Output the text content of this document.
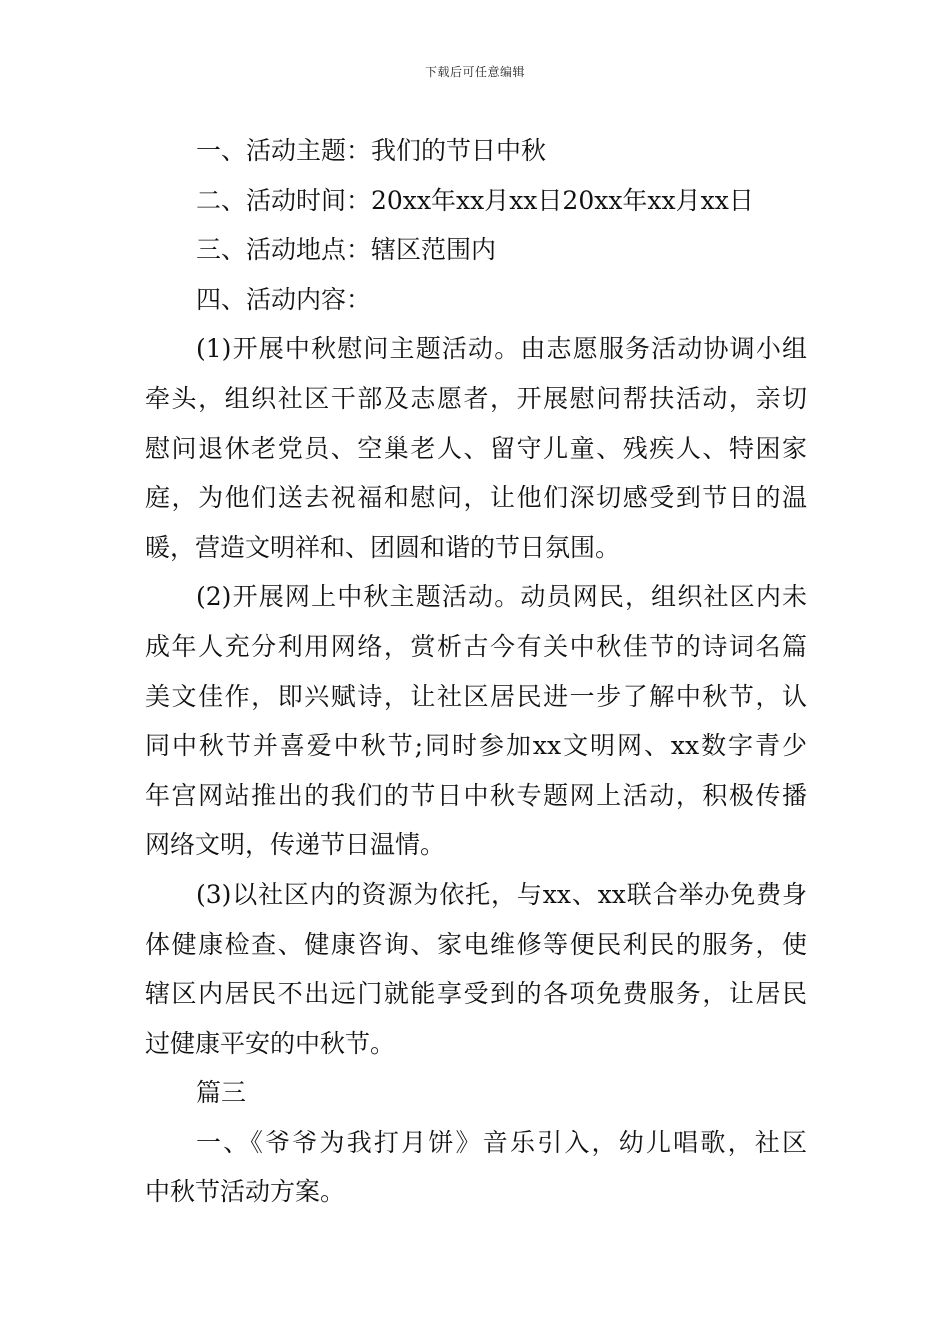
下载后可任意编辑
一、活动主题：我们的节日中秋
二、活动时间：20xx年xx月xx日20xx年xx月xx日
三、活动地点：辖区范围内
四、活动内容：
(1)开展中秋慰问主题活动。由志愿服务活动协调小组
牵头，组织社区干部及志愿者，开展慰问帮扶活动，亲切
慰问退休老党员、空巢老人、留守儿童、残疾人、特困家
庭，为他们送去祝福和慰问，让他们深切感受到节日的温
暖，营造文明祥和、团圆和谐的节日氛围。
(2)开展网上中秋主题活动。动员网民，组织社区内未
成年人充分利用网络，赏析古今有关中秋佳节的诗词名篇
美文佳作，即兴赋诗，让社区居民进一步了解中秋节，认
同中秋节并喜爱中秋节;同时参加xx文明网、xx数字青少
年宫网站推出的我们的节日中秋专题网上活动，积极传播
网络文明，传递节日温情。
(3)以社区内的资源为依托，与xx、xx联合举办免费身
体健康检查、健康咨询、家电维修等便民利民的服务，使
辖区内居民不出远门就能享受到的各项免费服务，让居民
过健康平安的中秋节。
篇三
一、《爷爷为我打月饼》音乐引入，幼儿唱歌，社区
中秋节活动方案。
